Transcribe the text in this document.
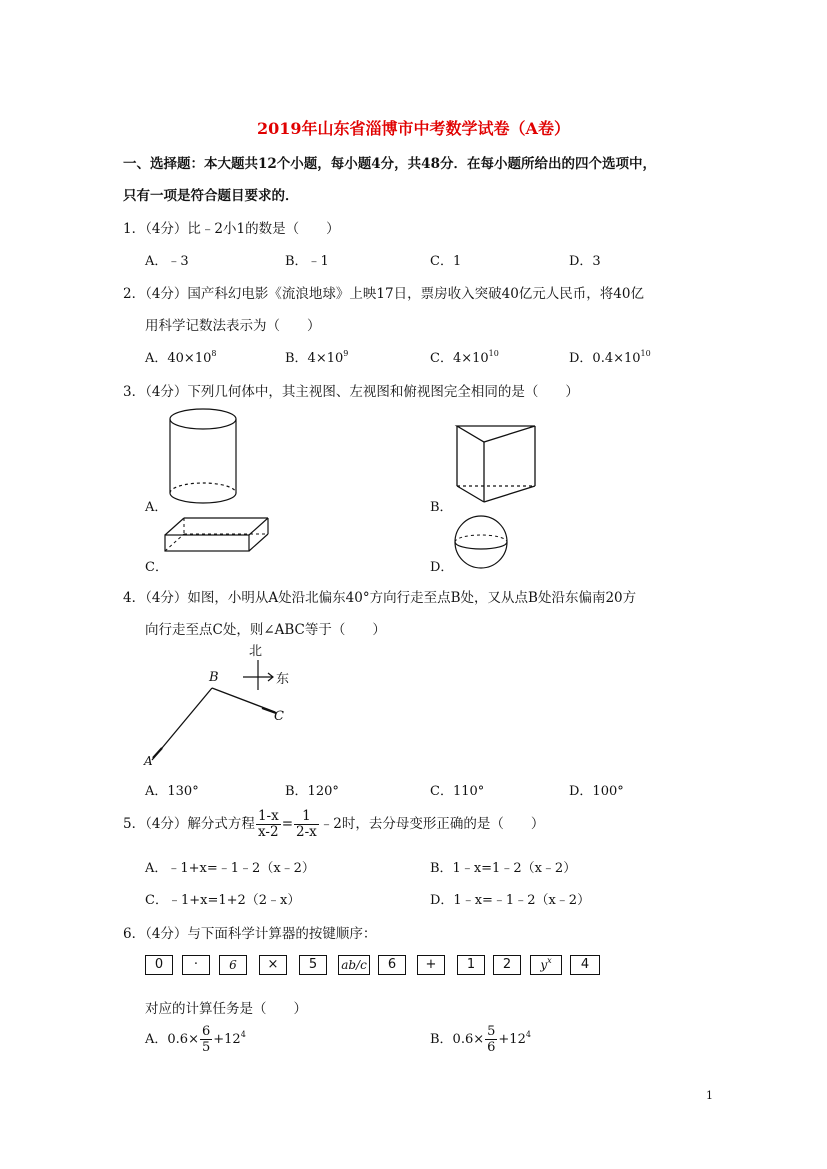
2019年山东省淄博市中考数学试卷（A卷）
一、选择题：本大题共12个小题，每小题4分，共48分．在每小题所给出的四个选项中，
只有一项是符合题目要求的．
1．（4分）比﹣2小1的数是（　　）
A．﹣3	B．﹣1	C．1	D．3
2．（4分）国产科幻电影《流浪地球》上映17日，票房收入突破40亿元人民币，将40亿
用科学记数法表示为（　　）
A．$40\times 10^8$	B．$4\times 10^9$	C．$4\times 10^{10}$	D．$0.4\times 10^{10}$
3．（4分）下列几何体中，其主视图、左视图和俯视图完全相同的是（　　）
A．	B．
C．	D．
4．（4分）如图，小明从A处沿北偏东40°方向行走至点B处，又从点B处沿东偏南20方
向行走至点C处，则∠ABC等于（　　）
北
东
B
C
A
A．130°	B．120°	C．110°	D．100°
5．（4分）解分式方程 $\frac{1-x}{x-2} = \frac{1}{2-x}$ ﹣2时，去分母变形正确的是（　　）
A．﹣1+x=﹣1﹣2（x﹣2）	B．1﹣x=1﹣2（x﹣2）
C．﹣1+x=1+2（2﹣x）	D．1﹣x=﹣1﹣2（x﹣2）
6．（4分）与下面科学计算器的按键顺序：
0	·	6	×	5	ab/c	6	+	1	2	$y^x$	4
对应的计算任务是（　　）
A．$0.6\times \frac{6}{5} +12^4$	B．$0.6\times \frac{5}{6} +12^4$
1
